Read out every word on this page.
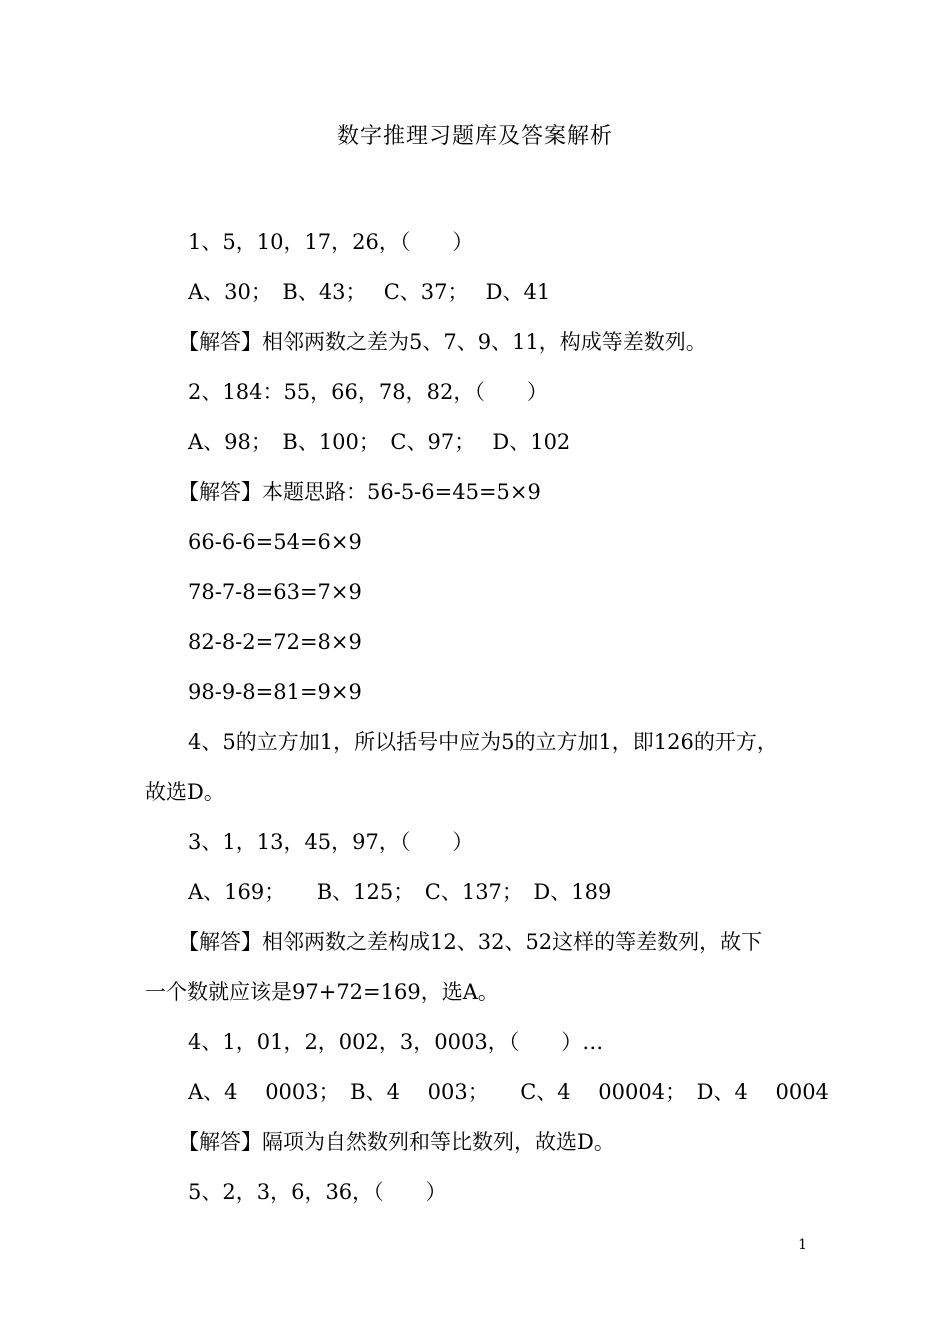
数字推理习题库及答案解析

1、5，10，17，26，（　　）

A、30；　B、43；　 C、37；　 D、41

【解答】相邻两数之差为5、7、9、11，构成等差数列。

2、184：55，66，78，82，（　　）

A、98；　B、100；　C、97；　 D、102

【解答】本题思路：56-5-6=45=5×9

66-6-6=54=6×9

78-7-8=63=7×9

82-8-2=72=8×9

98-9-8=81=9×9

4、5的立方加1，所以括号中应为5的立方加1，即126的开方，

故选D。

3、1，13，45，97，（　　）

A、169；　　B、125；　C、137；　D、189

【解答】相邻两数之差构成12、32、52这样的等差数列，故下

一个数就应该是97+72=169，选A。

4、1，01，2，002，3，0003，（　　）…

A、4　 0003；　B、4　 003；　　C、4　 00004；　D、4　 0004

【解答】隔项为自然数列和等比数列，故选D。

5、2，3，6，36，（　　）

1
